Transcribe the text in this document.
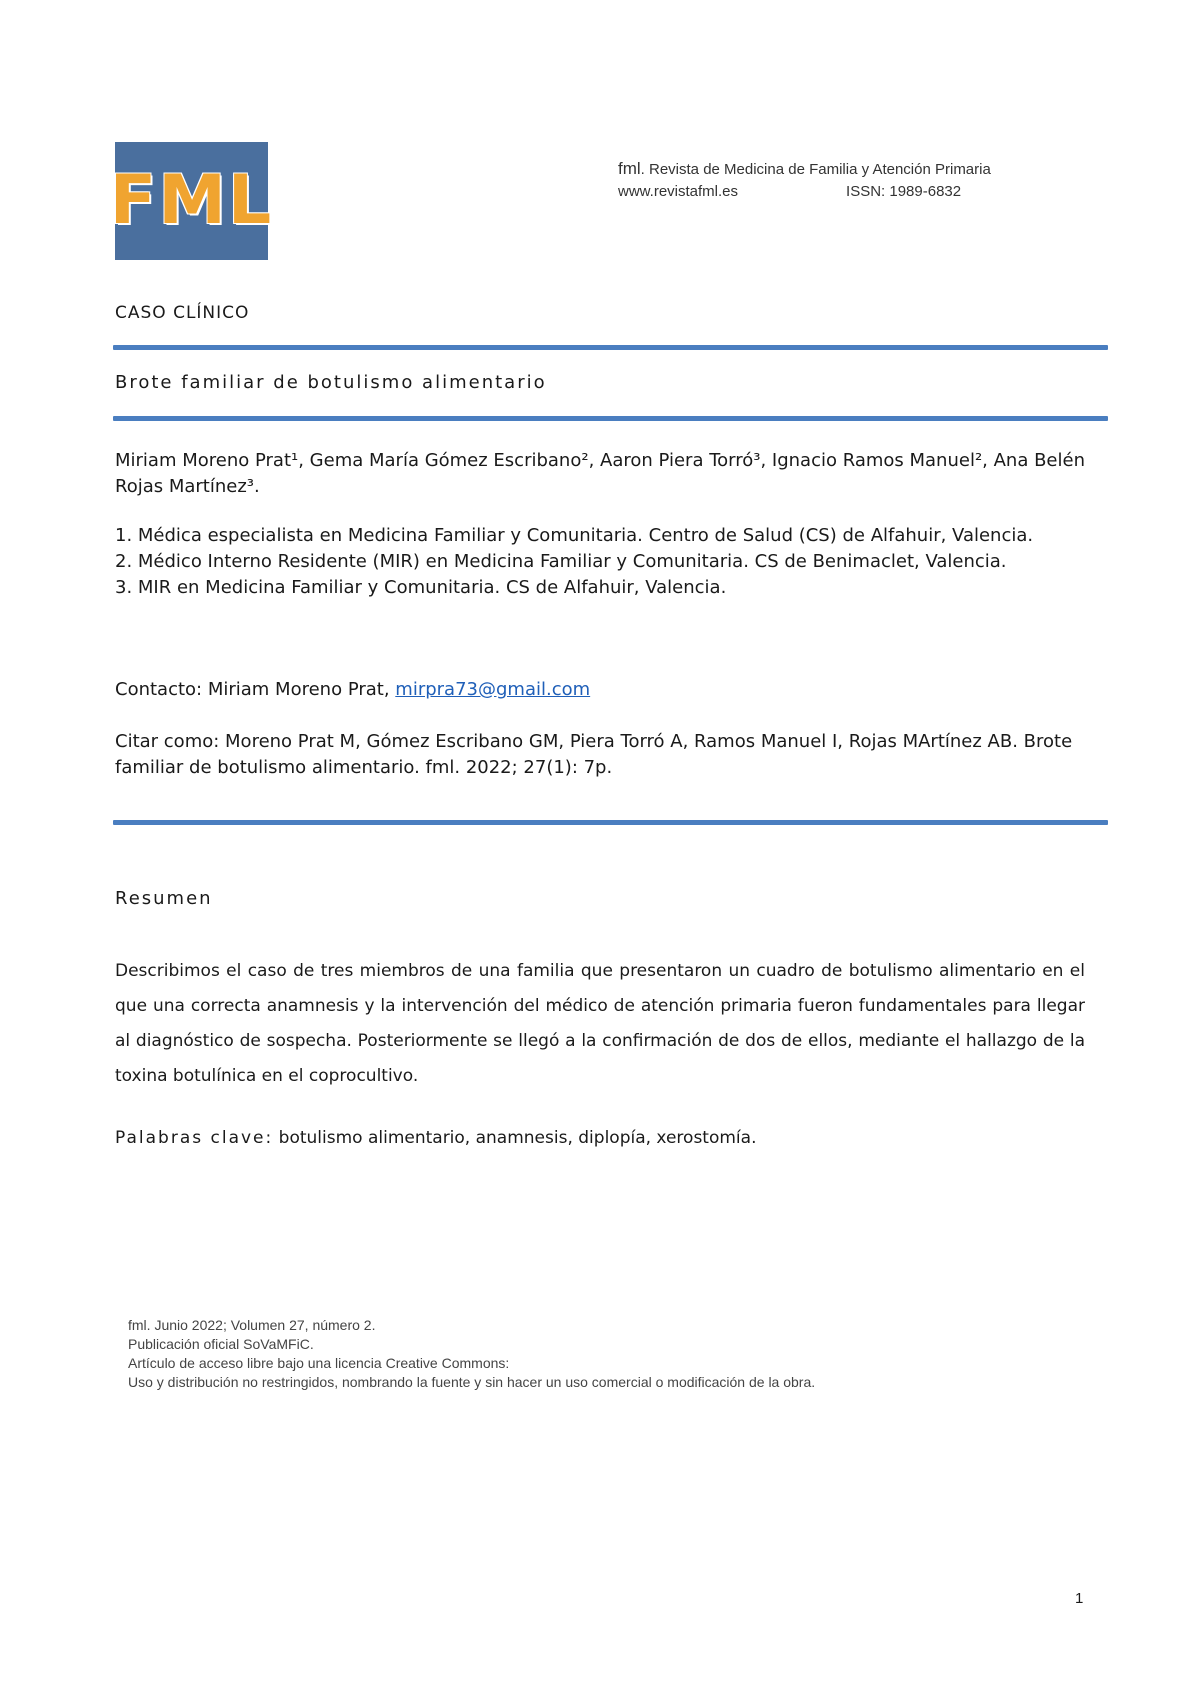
FML	fml. Revista de Medicina de Familia y Atención Primaria
www.revistafml.es	ISSN: 1989-6832
CASO CLÍNICO
Brote familiar de botulismo alimentario
Miriam Moreno Prat¹, Gema María Gómez Escribano², Aaron Piera Torró³, Ignacio Ramos Manuel², Ana Belén Rojas Martínez³.
1. Médica especialista en Medicina Familiar y Comunitaria. Centro de Salud (CS) de Alfahuir, Valencia.
2. Médico Interno Residente (MIR) en Medicina Familiar y Comunitaria. CS de Benimaclet, Valencia.
3. MIR en Medicina Familiar y Comunitaria. CS de Alfahuir, Valencia.
Contacto: Miriam Moreno Prat, mirpra73@gmail.com
Citar como: Moreno Prat M, Gómez Escribano GM, Piera Torró A, Ramos Manuel I, Rojas MArtínez AB. Brote familiar de botulismo alimentario. fml. 2022; 27(1): 7p.
Resumen
Describimos el caso de tres miembros de una familia que presentaron un cuadro de botulismo alimentario en el que una correcta anamnesis y la intervención del médico de atención primaria fueron fundamentales para llegar al diagnóstico de sospecha. Posteriormente se llegó a la confirmación de dos de ellos, mediante el hallazgo de la toxina botulínica en el coprocultivo.
Palabras clave: botulismo alimentario, anamnesis, diplopía, xerostomía.
fml. Junio 2022; Volumen 27, número 2.
Publicación oficial SoVaMFiC.
Artículo de acceso libre bajo una licencia Creative Commons:
Uso y distribución no restringidos, nombrando la fuente y sin hacer un uso comercial o modificación de la obra.
1
